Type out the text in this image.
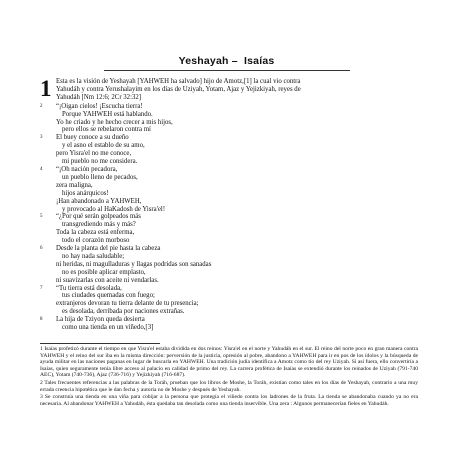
Yeshayah – Isaías
1 Esta es la visión de Yeshayah [YAHWEH ha salvado] hijo de Amotz,[1] la cual vio contra
Yahudáh y contra Yerushalayim en los días de Uziyah, Yotam, Ajaz y Yejizkiyah, reyes de
Yahudáh [Nm 12:6; 2Cr 32:32]
2 “¡Oigan cielos! ¡Escucha tierra!
Porque YAHWEH está hablando.
Yo he criado y he hecho crecer a mis hijos,
pero ellos se rebelaron contra mí
3 El buey conoce a su dueño
y el asno el establo de su amo,
pero Yisra'el no me conoce,
mi pueblo no me considera.
4 “¡Oh nación pecadora,
un pueblo lleno de pecados,
zera maligna,
hijos anárquicos!
¡Han abandonado a YAHWEH,
y provocado al HaKadosh de Yisra'el!
5 “¿Por qué serán golpeados más
transgrediendo más y más?
Toda la cabeza está enferma,
todo el corazón morboso
6 Desde la planta del pie hasta la cabeza
no hay nada saludable;
ni heridas, ni magulladuras y llagas podridas son sanadas
no es posible aplicar emplasto,
ni suavizarlas con aceite ni vendarlas.
7 “Tu tierra está desolada,
tus ciudades quemadas con fuego;
extranjeros devoran tu tierra delante de tu presencia;
es desolada, derribada por naciones extrañas.
8 La hija de Tziyon queda desierta
como una tienda en un viñedo,[3]

1 Isaías profetizó durante el tiempo en que Yisra'el estaba dividida en dos reinos: Yisra'el en el norte y Yahudáh en el sur. El reino del norte poco en gran manera contra YAHWEH y el reino del sur iba en la misma dirección: perversión de la justicia, opresión al pobre, abandono a YAHWEH para ir en pos de los ídolos y la búsqueda de ayuda militar en las naciones paganas en lugar de buscarla en YAHWEH. Una tradición judía identifica a Amotz como tío del rey Uziyah. Si así fuera, ello convertiría a Isaías, quien seguramente tenía libre acceso al palacio en calidad de primo del rey. La carrera profética de Isaías se extendió durante los reinados de Uziyah (791-740 AEC), Yotam (740-736), Ajaz (736-716) y Yejizkiyah (716-687).

2 Tales frecuentes referencias a las palabras de la Toráh, prueban que los libros de Moshe, la Toráh, existían como tales en los días de Yeshayah, contrario a una muy errada creencia hipotética que le dan fecha y autoría no de Moshe y después de Yeshayah.

3 Se construía una tienda en una viña para cobijar a la persona que protegía el viñedo contra los ladrones de la fruta. La tienda se abandonaba cuando ya no era necesaria. Al abandonar YAHWEH a Yahudáh, ésta quedaba tan desolada como una tienda inservible. Una zera : Algunos permanecerían fieles en Yahudáh.
